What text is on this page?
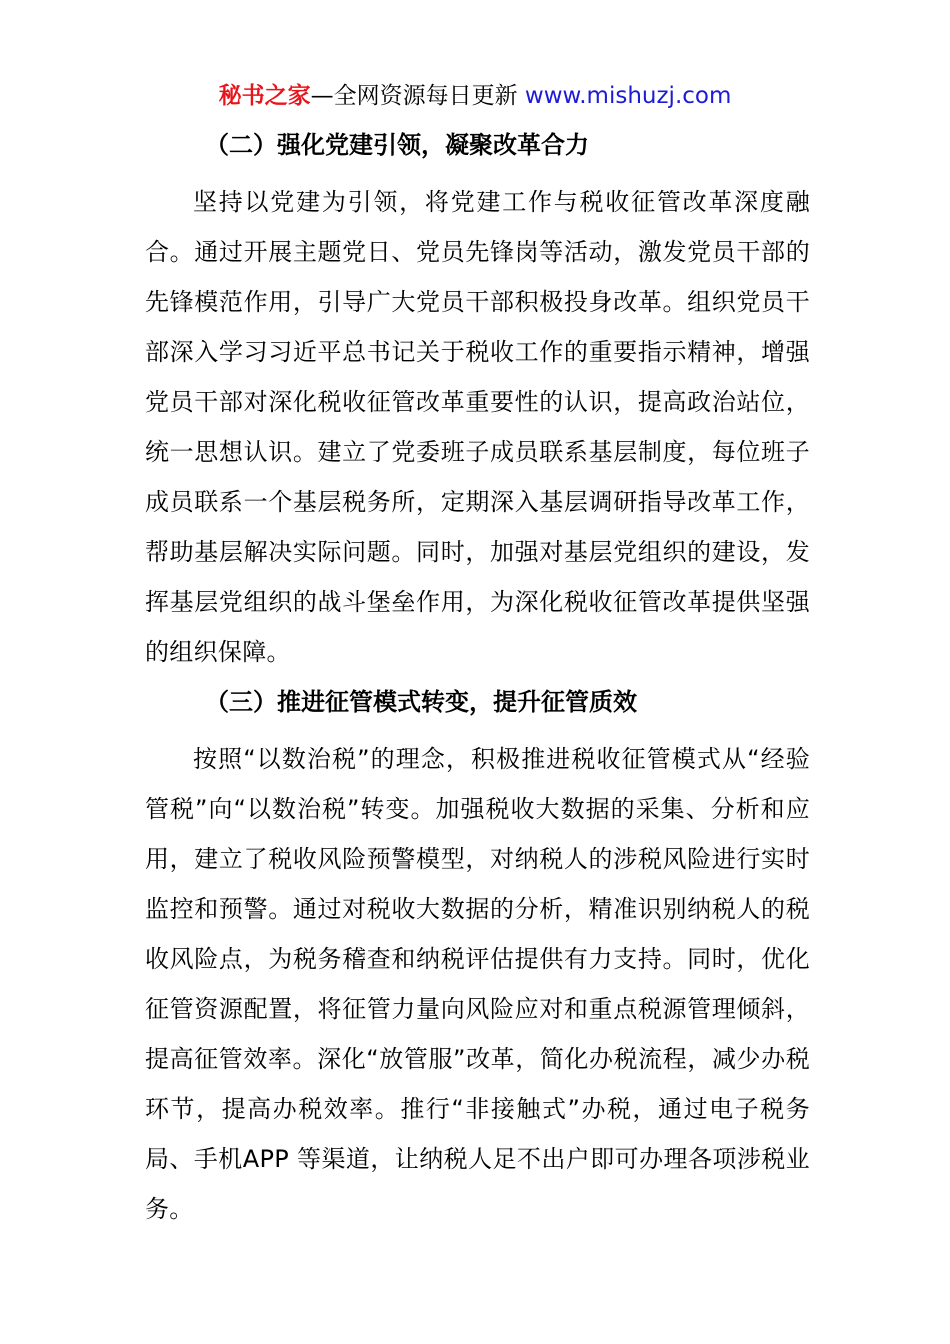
秘书之家—全网资源每日更新 www.mishuzj.com
（二）强化党建引领，凝聚改革合力

坚持以党建为引领，将党建工作与税收征管改革深度融合。通过开展主题党日、党员先锋岗等活动，激发党员干部的先锋模范作用，引导广大党员干部积极投身改革。组织党员干部深入学习习近平总书记关于税收工作的重要指示精神，增强党员干部对深化税收征管改革重要性的认识，提高政治站位，统一思想认识。建立了党委班子成员联系基层制度，每位班子成员联系一个基层税务所，定期深入基层调研指导改革工作，帮助基层解决实际问题。同时，加强对基层党组织的建设，发挥基层党组织的战斗堡垒作用，为深化税收征管改革提供坚强的组织保障。

（三）推进征管模式转变，提升征管质效

按照“以数治税”的理念，积极推进税收征管模式从“经验管税”向“以数治税”转变。加强税收大数据的采集、分析和应用，建立了税收风险预警模型，对纳税人的涉税风险进行实时监控和预警。通过对税收大数据的分析，精准识别纳税人的税收风险点，为税务稽查和纳税评估提供有力支持。同时，优化征管资源配置，将征管力量向风险应对和重点税源管理倾斜，提高征管效率。深化“放管服”改革，简化办税流程，减少办税环节，提高办税效率。推行“非接触式”办税，通过电子税务局、手机APP 等渠道，让纳税人足不出户即可办理各项涉税业务。
